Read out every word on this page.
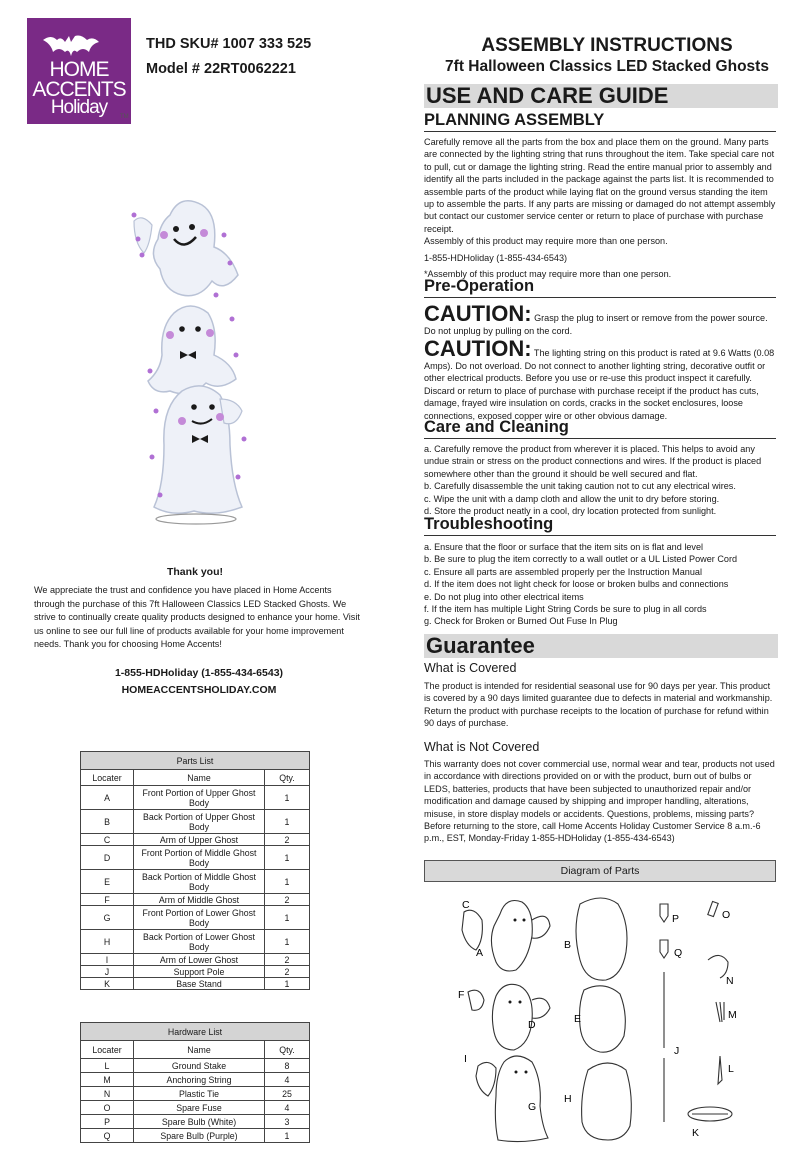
HOME
ACCENTS
Holiday	TM
THD SKU# 1007 333 525
Model # 22RT0062221
ASSEMBLY INSTRUCTIONS
7ft Halloween Classics LED Stacked Ghosts
Thank you!
We appreciate the trust and confidence you have placed in Home Accents through the purchase of this 7ft Halloween Classics LED Stacked Ghosts. We strive to continually create quality products designed to enhance your home. Visit us online to see our full line of products available for your home improvement needs. Thank you for choosing Home Accents!
1-855-HDHoliday (1-855-434-6543)
HOMEACCENTSHOLIDAY.COM
Parts List		
Locater	Name	Qty.
A	Front Portion of Upper Ghost Body	1
B	Back Portion of Upper Ghost Body	1
C	Arm of Upper Ghost	2
D	Front Portion of Middle Ghost Body	1
E	Back Portion of Middle Ghost Body	1
F	Arm of Middle Ghost	2
G	Front Portion of Lower Ghost Body	1
H	Back Portion of Lower Ghost Body	1
I	Arm of Lower Ghost	2
J	Support Pole	2
K	Base Stand	1
Hardware List		
Locater	Name	Qty.
L	Ground Stake	8
M	Anchoring String	4
N	Plastic Tie	25
O	Spare Fuse	4
P	Spare Bulb (White)	3
Q	Spare Bulb (Purple)	1
USE AND CARE GUIDE
PLANNING ASSEMBLY

Carefully remove all the parts from the box and place them on the ground. Many parts are connected by the lighting string that runs throughout the item. Take special care not to pull, cut or damage the lighting string. Read the entire manual prior to assembly and identify all the parts included in the package against the parts list. It is recommended to assemble parts of the product while laying flat on the ground versus standing the item up to assemble the parts. If any parts are missing or damaged do not attempt assembly but contact our customer service center or return to place of purchase with purchase receipt.

Assembly of this product may require more than one person.

1-855-HDHoliday (1-855-434-6543)

*Assembly of this product may require more than one person.

Pre-Operation
CAUTION: Grasp the plug to insert or remove from the power source. Do not unplug by pulling on the cord.
CAUTION: The lighting string on this product is rated at 9.6 Watts (0.08 Amps). Do not overload. Do not connect to another lighting string, decorative outfit or other electrical products. Before you use or re-use this product inspect it carefully. Discard or return to place of purchase with purchase receipt if the product has cuts, damage, frayed wire insulation on cords, cracks in the socket enclosures, loose connections, exposed copper wire or other obvious damage.
Care and Cleaning

a. Carefully remove the product from wherever it is placed. This helps to avoid any undue strain or stress on the product connections and wires. If the product is placed somewhere other than the ground it should be well secured and flat.

b. Carefully disassemble the unit taking caution not to cut any electrical wires.

c. Wipe the unit with a damp cloth and allow the unit to dry before storing.

d. Store the product neatly in a cool, dry location protected from sunlight.

Troubleshooting

a. Ensure that the floor or surface that the item sits on is flat and level

b. Be sure to plug the item correctly to a wall outlet or a UL Listed Power Cord

c. Ensure all parts are assembled properly per the Instruction Manual

d. If the item does not light check for loose or broken bulbs and connections

e. Do not plug into other electrical items

f. If the item has multiple Light String Cords be sure to plug in all cords

g. Check for Broken or Burned Out Fuse In Plug

Guarantee
What is Covered
The product is intended for residential seasonal use for 90 days per year. This product is covered by a 90 days limited guarantee due to defects in material and workmanship. Return the product with purchase receipts to the location of purchase for refund within 90 days of purchase.
What is Not Covered
This warranty does not cover commercial use, normal wear and tear, products not used in accordance with directions provided on or with the product, burn out of bulbs or LEDS, batteries, products that have been subjected to unauthorized repair and/or modification and damage caused by shipping and improper handling, alterations, misuse, in store display models or accidents. Questions, problems, missing parts? Before returning to the store, call Home Accents Holiday Customer Service 8 a.m.-6 p.m., EST, Monday-Friday 1-855-HDHoliday (1-855-434-6543)
Diagram of Parts
C
A
B
F
D	E
I
G
H
P	O
Q
N
M
J
L
K
